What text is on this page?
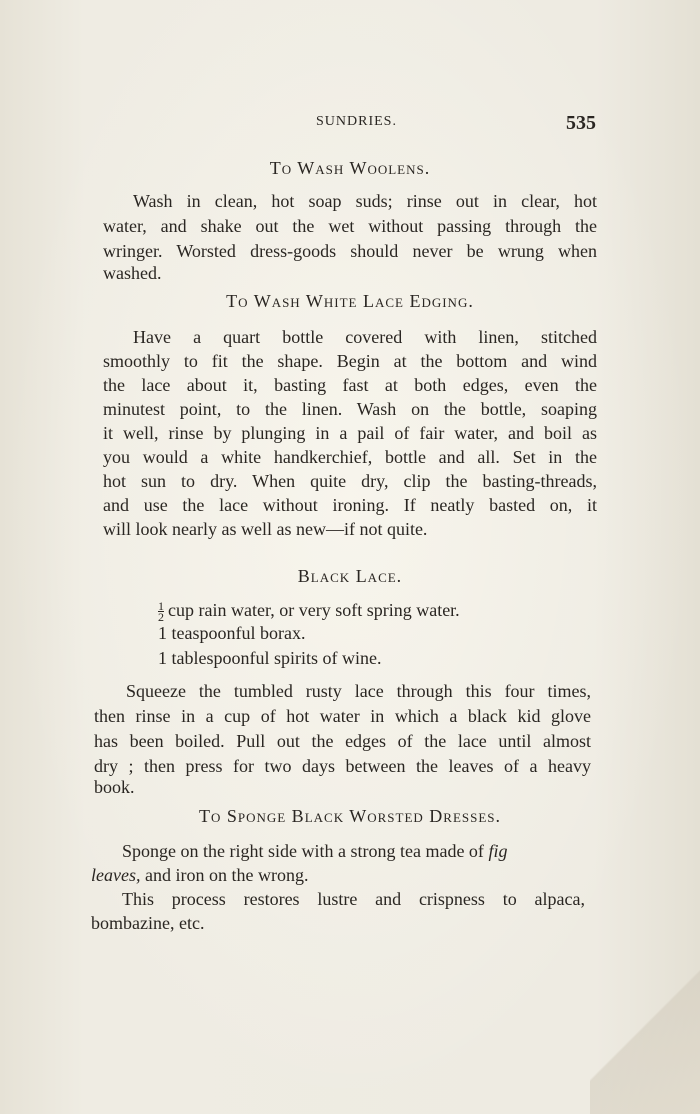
SUNDRIES.	535
To Wash Woolens.
Wash in clean, hot soap suds; rinse out in clear, hot
water, and shake out the wet without passing through the
wringer. Worsted dress-goods should never be wrung when
washed.
To Wash White Lace Edging.
Have a quart bottle covered with linen, stitched
smoothly to fit the shape. Begin at the bottom and wind
the lace about it, basting fast at both edges, even the
minutest point, to the linen. Wash on the bottle, soaping
it well, rinse by plunging in a pail of fair water, and boil as
you would a white handkerchief, bottle and all. Set in the
hot sun to dry. When quite dry, clip the basting-threads,
and use the lace without ironing. If neatly basted on, it
will look nearly as well as new—if not quite.
Black Lace.
$\frac{1}{2}$ cup rain water, or very soft spring water.
1 teaspoonful borax.
1 tablespoonful spirits of wine.
Squeeze the tumbled rusty lace through this four times,
then rinse in a cup of hot water in which a black kid glove
has been boiled. Pull out the edges of the lace until almost
dry ; then press for two days between the leaves of a heavy
book.
To Sponge Black Worsted Dresses.
Sponge on the right side with a strong tea made of fig
leaves, and iron on the wrong.
This process restores lustre and crispness to alpaca,
bombazine, etc.
